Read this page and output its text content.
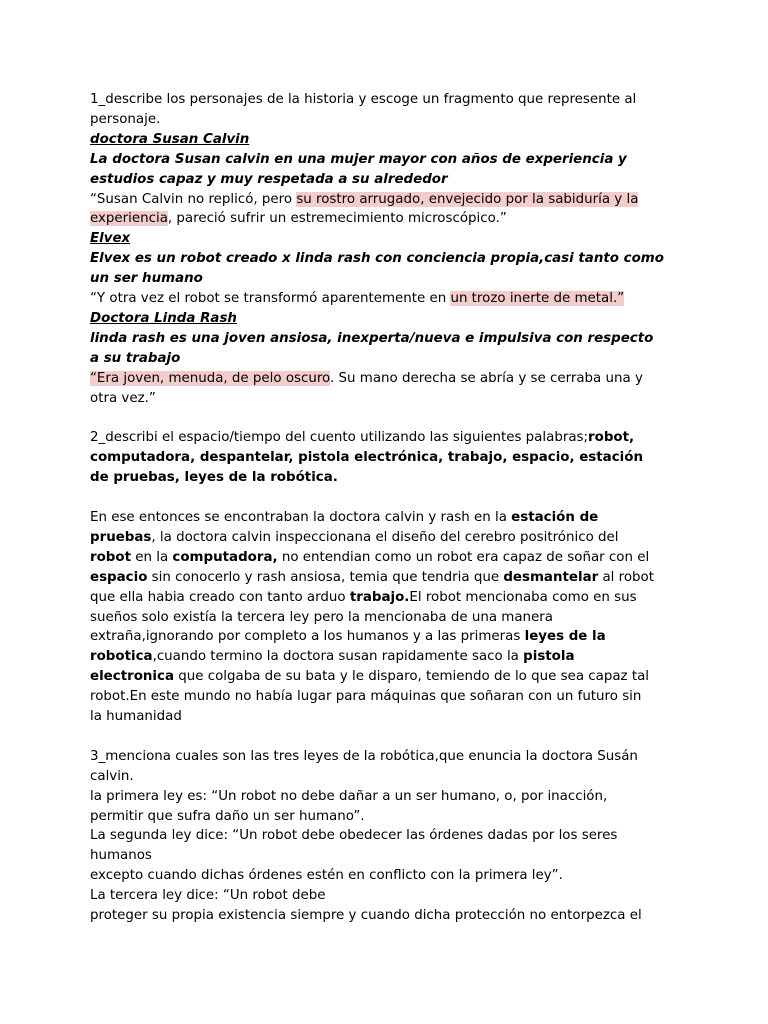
1_describe los personajes de la historia y escoge un fragmento que represente al
personaje.
doctora Susan Calvin
La doctora Susan calvin en una mujer mayor con años de experiencia y
estudios capaz y muy respetada a su alrededor
“Susan Calvin no replicó, pero su rostro arrugado, envejecido por la sabiduría y la
experiencia, pareció sufrir un estremecimiento microscópico.”
Elvex
Elvex es un robot creado x linda rash con conciencia propia,casi tanto como
un ser humano
“Y otra vez el robot se transformó aparentemente en un trozo inerte de metal.”
Doctora Linda Rash
linda rash es una joven ansiosa, inexperta/nueva e impulsiva con respecto
a su trabajo
“Era joven, menuda, de pelo oscuro. Su mano derecha se abría y se cerraba una y
otra vez.”
2_describi el espacio/tiempo del cuento utilizando las siguientes palabras;robot,
computadora, despantelar, pistola electrónica, trabajo, espacio, estación
de pruebas, leyes de la robótica.
En ese entonces se encontraban la doctora calvin y rash en la estación de
pruebas, la doctora calvin inspeccionana el diseño del cerebro positrónico del
robot en la computadora, no entendian como un robot era capaz de soñar con el
espacio sin conocerlo y rash ansiosa, temia que tendria que desmantelar al robot
que ella habia creado con tanto arduo trabajo.El robot mencionaba como en sus
sueños solo existía la tercera ley pero la mencionaba de una manera
extraña,ignorando por completo a los humanos y a las primeras leyes de la
robotica,cuando termino la doctora susan rapidamente saco la pistola
electronica que colgaba de su bata y le disparo, temiendo de lo que sea capaz tal
robot.En este mundo no había lugar para máquinas que soñaran con un futuro sin
la humanidad
3_menciona cuales son las tres leyes de la robótica,que enuncia la doctora Susán
calvin.
la primera ley es: “Un robot no debe dañar a un ser humano, o, por inacción,
permitir que sufra daño un ser humano”.
La segunda ley dice: “Un robot debe obedecer las órdenes dadas por los seres
humanos
excepto cuando dichas órdenes estén en conflicto con la primera ley”.
La tercera ley dice: “Un robot debe
proteger su propia existencia siempre y cuando dicha protección no entorpezca el
